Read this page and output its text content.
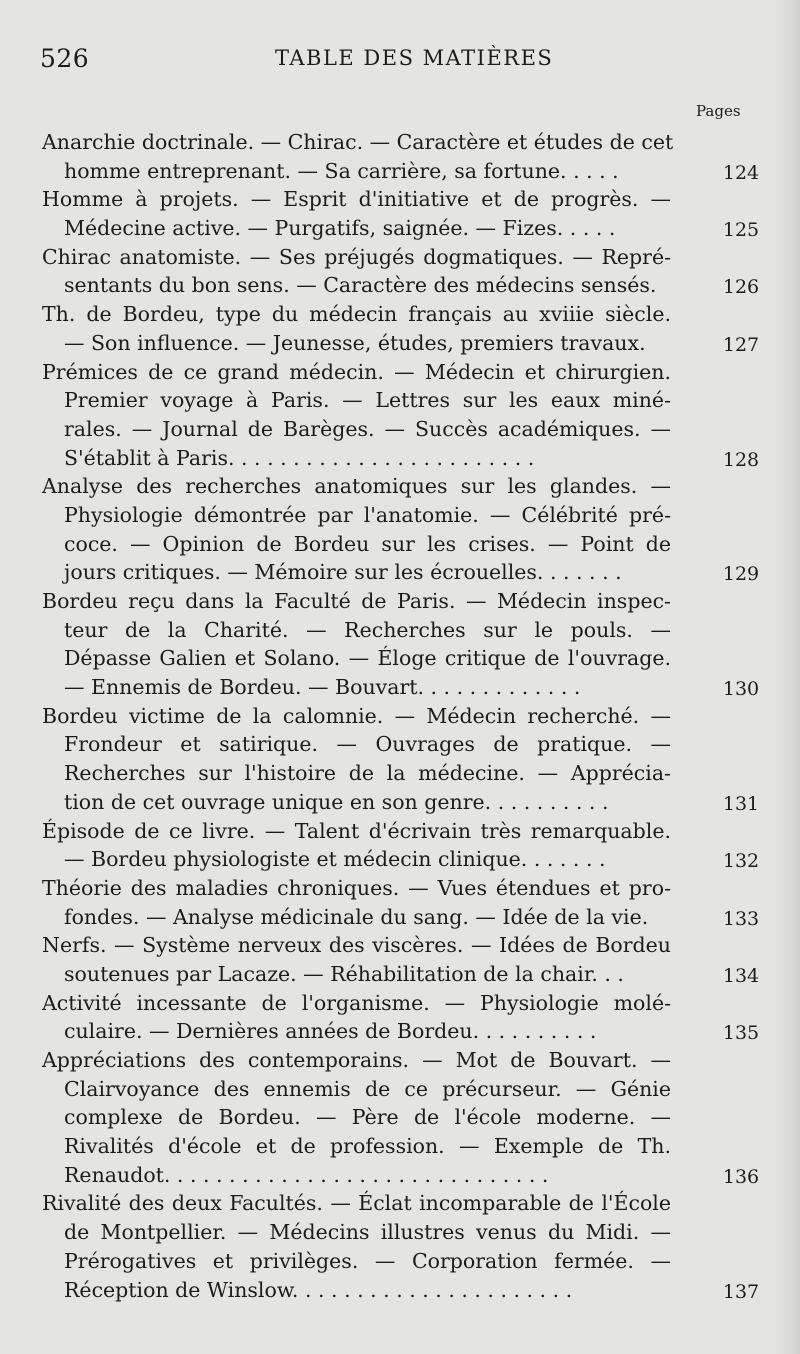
526	TABLE DES MATIÈRES
Pages
Anarchie doctrinale. — Chirac. — Caractère et études de cet
homme entreprenant. — Sa carrière, sa fortune. . . . .	124
Homme à projets. — Esprit d'initiative et de progrès. —
Médecine active. — Purgatifs, saignée. — Fizes. . . . .	125
Chirac anatomiste. — Ses préjugés dogmatiques. — Repré-
sentants du bon sens. — Caractère des médecins sensés.	126
Th. de Bordeu, type du médecin français au xviiie siècle.
— Son influence. — Jeunesse, études, premiers travaux.	127
Prémices de ce grand médecin. — Médecin et chirurgien.
Premier voyage à Paris. — Lettres sur les eaux miné-
rales. — Journal de Barèges. — Succès académiques. —
S'établit à Paris. . . . . . . . . . . . . . . . . . . . . . . .	128
Analyse des recherches anatomiques sur les glandes. —
Physiologie démontrée par l'anatomie. — Célébrité pré-
coce. — Opinion de Bordeu sur les crises. — Point de
jours critiques. — Mémoire sur les écrouelles. . . . . . .	129
Bordeu reçu dans la Faculté de Paris. — Médecin inspec-
teur de la Charité. — Recherches sur le pouls. —
Dépasse Galien et Solano. — Éloge critique de l'ouvrage.
— Ennemis de Bordeu. — Bouvart. . . . . . . . . . . . .	130
Bordeu victime de la calomnie. — Médecin recherché. —
Frondeur et satirique. — Ouvrages de pratique. —
Recherches sur l'histoire de la médecine. — Apprécia-
tion de cet ouvrage unique en son genre. . . . . . . . . .	131
Épisode de ce livre. — Talent d'écrivain très remarquable.
— Bordeu physiologiste et médecin clinique. . . . . . .	132
Théorie des maladies chroniques. — Vues étendues et pro-
fondes. — Analyse médicinale du sang. — Idée de la vie.	133
Nerfs. — Système nerveux des viscères. — Idées de Bordeu
soutenues par Lacaze. — Réhabilitation de la chair. . .	134
Activité incessante de l'organisme. — Physiologie molé-
culaire. — Dernières années de Bordeu. . . . . . . . . .	135
Appréciations des contemporains. — Mot de Bouvart. —
Clairvoyance des ennemis de ce précurseur. — Génie
complexe de Bordeu. — Père de l'école moderne. —
Rivalités d'école et de profession. — Exemple de Th.
Renaudot. . . . . . . . . . . . . . . . . . . . . . . . . . . . . .	136
Rivalité des deux Facultés. — Éclat incomparable de l'École
de Montpellier. — Médecins illustres venus du Midi. —
Prérogatives et privilèges. — Corporation fermée. —
Réception de Winslow. . . . . . . . . . . . . . . . . . . . . .	137
